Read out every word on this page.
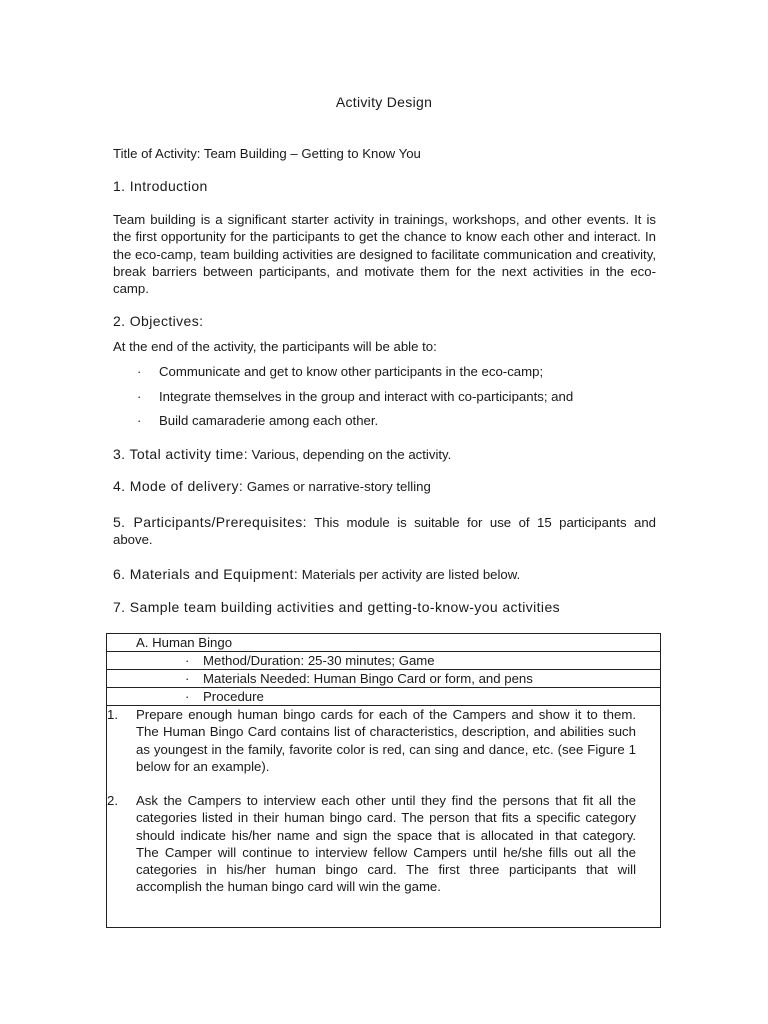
Activity Design
Title of Activity: Team Building – Getting to Know You
1. Introduction
Team building is a significant starter activity in trainings, workshops, and other events. It is the first opportunity for the participants to get the chance to know each other and interact. In the eco-camp, team building activities are designed to facilitate communication and creativity, break barriers between participants, and motivate them for the next activities in the eco-camp.
2. Objectives:
At the end of the activity, the participants will be able to:
· Communicate and get to know other participants in the eco-camp;
· Integrate themselves in the group and interact with co-participants; and
· Build camaraderie among each other.
3. Total activity time: Various, depending on the activity.
4. Mode of delivery: Games or narrative-story telling
5. Participants/Prerequisites: This module is suitable for use of 15 participants and above.
6. Materials and Equipment: Materials per activity are listed below.
7. Sample team building activities and getting-to-know-you activities
A. Human Bingo
· Method/Duration: 25-30 minutes; Game
· Materials Needed: Human Bingo Card or form, and pens
· Procedure
1. Prepare enough human bingo cards for each of the Campers and show it to them. The Human Bingo Card contains list of characteristics, description, and abilities such as youngest in the family, favorite color is red, can sing and dance, etc. (see Figure 1 below for an example).
2. Ask the Campers to interview each other until they find the persons that fit all the categories listed in their human bingo card. The person that fits a specific category should indicate his/her name and sign the space that is allocated in that category. The Camper will continue to interview fellow Campers until he/she fills out all the categories in his/her human bingo card. The first three participants that will accomplish the human bingo card will win the game.
